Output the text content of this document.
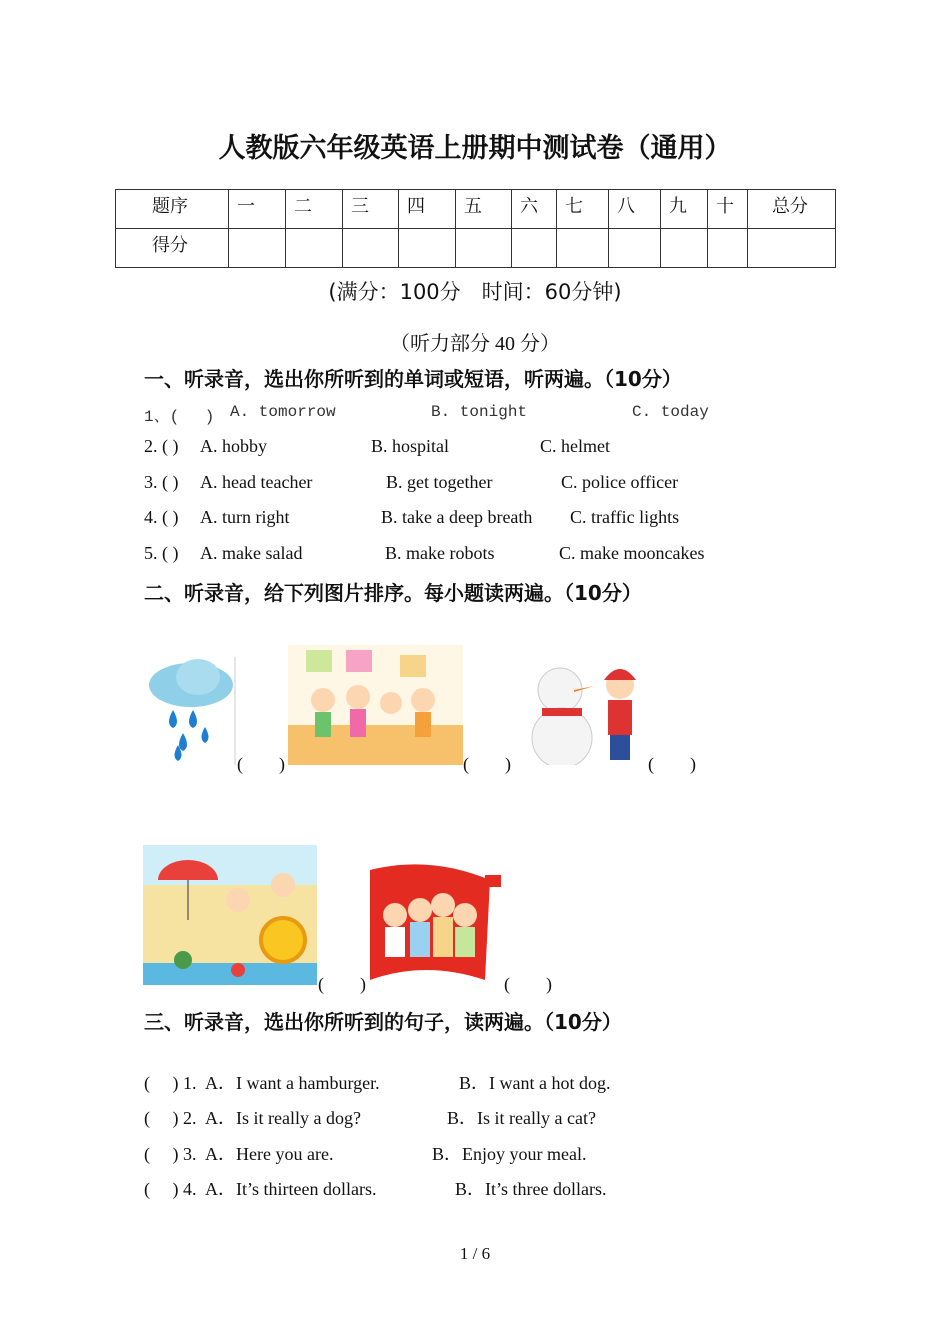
人教版六年级英语上册期中测试卷（通用）
题序	一	二	三	四	五	六	七	八	九	十	总分
得分											
(满分：100分　时间：60分钟)
（听力部分 40 分）
一、听录音，选出你所听到的单词或短语，听两遍。（10分）
1、(　 ) A. tomorrow	B. tonight	C. today
2. ( ) A. hobby	B. hospital	C. helmet
3. ( ) A. head teacher	B. get together	C. police officer
4. ( ) A. turn right	B. take a deep breath C. traffic lights
5. ( ) A. make salad	B. make robots	C. make mooncakes
二、听录音，给下列图片排序。每小题读两遍。（10分）
(　　)	(　　)	(　　)
(　　)	(　　)
三、听录音，选出你所听到的句子，读两遍。（10分）
(　 ) 1. A．I want a hamburger.	B．I want a hot dog.
(　 ) 2. A．Is it really a dog?	B．Is it really a cat?
(　 ) 3. A．Here you are.	B．Enjoy your meal.
(　 ) 4. A．It’s thirteen dollars.	B．It’s three dollars.
1 / 6
